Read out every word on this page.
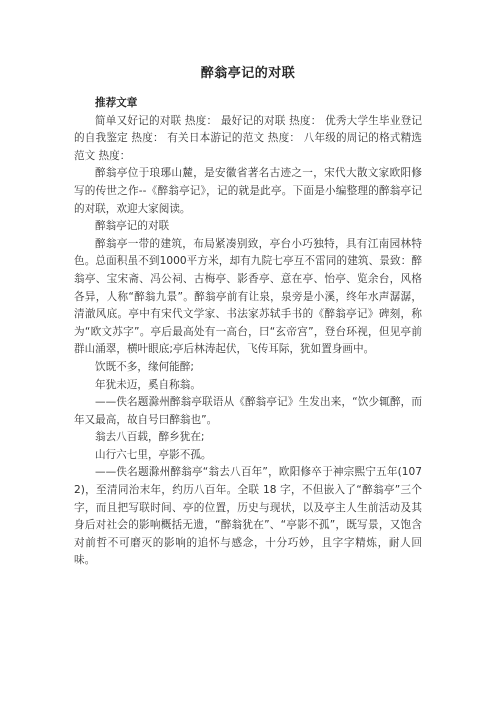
醉翁亭记的对联

推荐文章

简单又好记的对联 热度： 最好记的对联 热度： 优秀大学生毕业登记的自我鉴定 热度： 有关日本游记的范文 热度： 八年级的周记的格式精选范文 热度：

醉翁亭位于琅琊山麓，是安徽省著名古迹之一，宋代大散文家欧阳修写的传世之作--《醉翁亭记》，记的就是此亭。下面是小编整理的醉翁亭记的对联，欢迎大家阅读。

醉翁亭记的对联

醉翁亭一带的建筑，布局紧凑别致，亭台小巧独特，具有江南园林特色。总面积虽不到1000平方米，却有九院七亭互不雷同的建筑、景致：醉翁亭、宝宋斋、冯公祠、古梅亭、影香亭、意在亭、怡亭、览余台，风格各异，人称“醉翁九景”。醉翁亭前有让泉，泉旁是小溪，终年水声潺潺，清澈风底。亭中有宋代文学家、书法家苏轼手书的《醉翁亭记》碑刻，称为“欧文苏字”。亭后最高处有一高台，曰“玄帝宫”，登台环视，但见亭前群山涌翠，横叶眼底;亭后林涛起伏，飞传耳际，犹如置身画中。

饮既不多，缘何能醉;

年犹未迈，奚自称翁。

——佚名题滁州醉翁亭联语从《醉翁亭记》生发出来，“饮少辄醉，而年又最高，故自号曰醉翁也”。

翁去八百载，醉乡犹在;

山行六七里，亭影不孤。

——佚名题滁州醉翁亭“翁去八百年”，欧阳修卒于神宗熙宁五年(1072)，至清同治末年，约历八百年。全联 18 字，不但嵌入了“醉翁亭”三个字，而且把写联时间、亭的位置，历史与现状，以及亭主人生前活动及其身后对社会的影响概括无遗，“醉翁犹在”、“亭影不孤”，既写景，又饱含对前哲不可磨灭的影响的追怀与感念，十分巧妙，且字字精炼，耐人回味。
